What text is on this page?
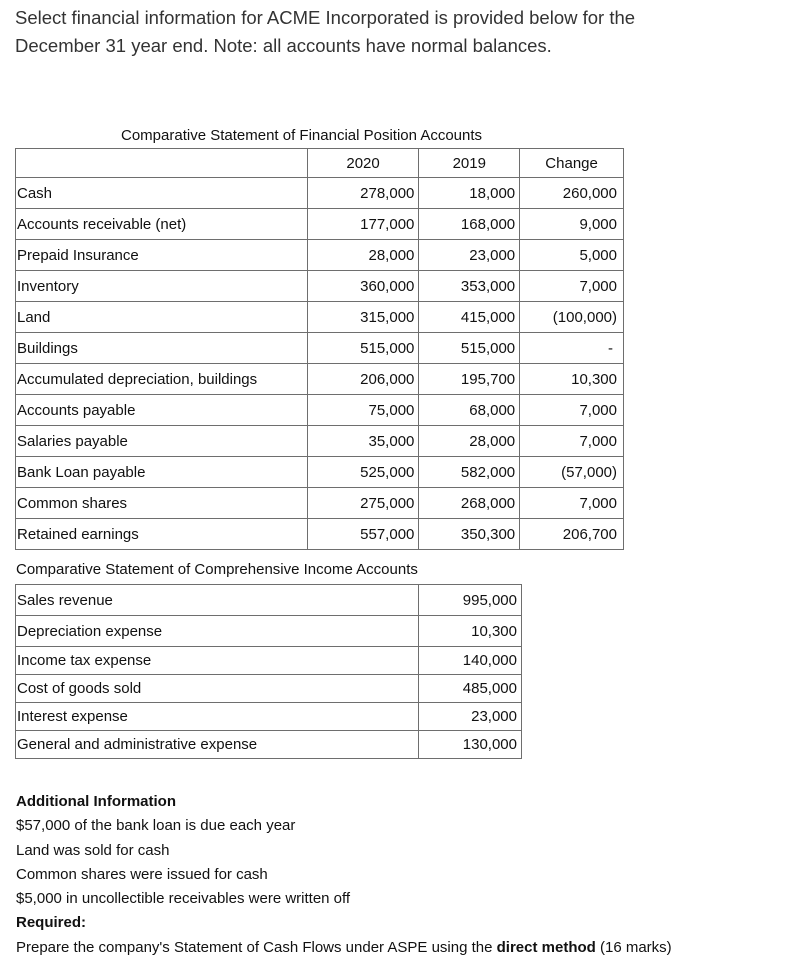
Select financial information for ACME Incorporated is provided below for the

December 31 year end. Note: all accounts have normal balances.

Comparative Statement of Financial Position Accounts
	2020	2019	Change
Cash	278,000	18,000	260,000
Accounts receivable (net)	177,000	168,000	9,000
Prepaid Insurance	28,000	23,000	5,000
Inventory	360,000	353,000	7,000
Land	315,000	415,000	(100,000)
Buildings	515,000	515,000	-
Accumulated depreciation, buildings	206,000	195,700	10,300
Accounts payable	75,000	68,000	7,000
Salaries payable	35,000	28,000	7,000
Bank Loan payable	525,000	582,000	(57,000)
Common shares	275,000	268,000	7,000
Retained earnings	557,000	350,300	206,700
Comparative Statement of Comprehensive Income Accounts
Sales revenue	995,000
Depreciation expense	10,300
Income tax expense	140,000
Cost of goods sold	485,000
Interest expense	23,000
General and administrative expense	130,000
Additional Information
$57,000 of the bank loan is due each year
Land was sold for cash
Common shares were issued for cash
$5,000 in uncollectible receivables were written off
Required:
Prepare the company's Statement of Cash Flows under ASPE using the direct method (16 marks)
